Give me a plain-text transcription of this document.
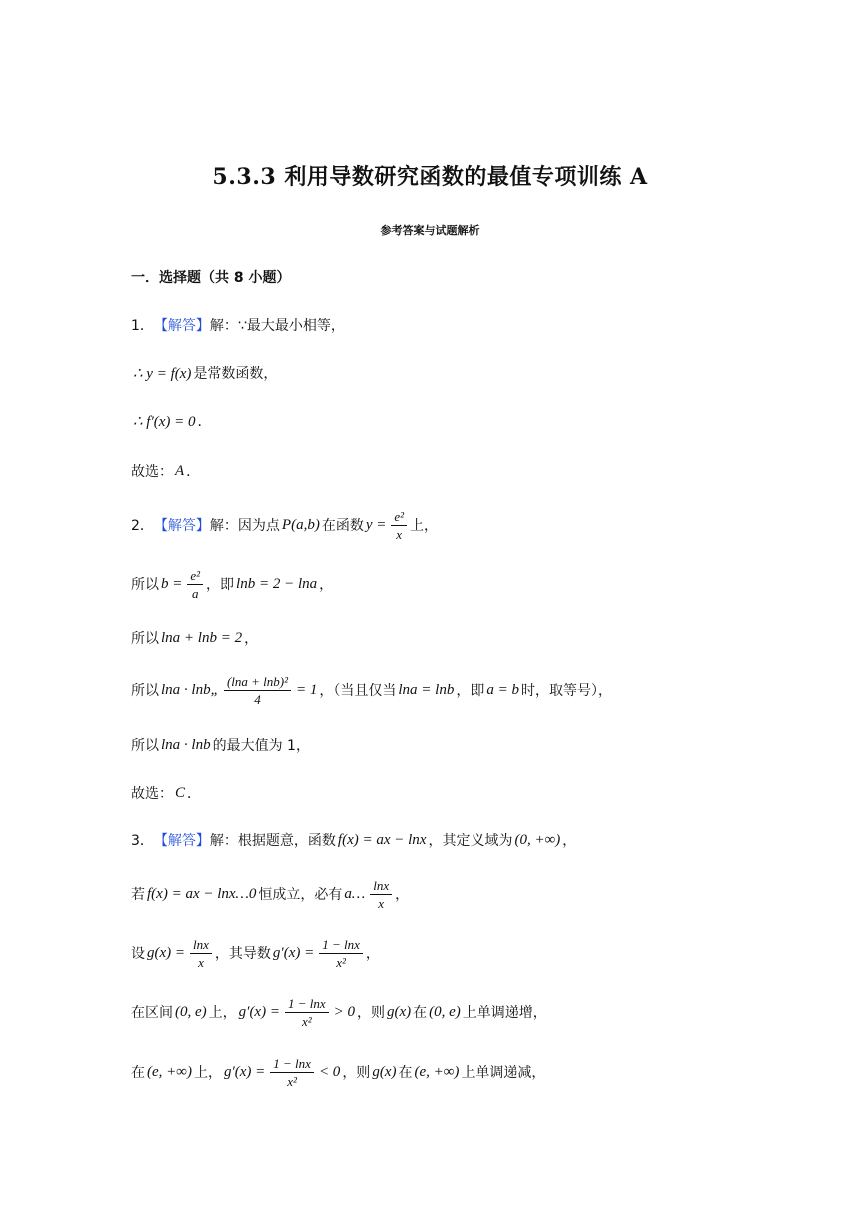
5.3.3 利用导数研究函数的最值专项训练 A
参考答案与试题解析
一．选择题（共 8 小题）
1． 【解答】 解： ∵最大最小相等，
∴ y = f(x) 是常数函数，
∴ f′(x) = 0 ．
故选： A ．
2． 【解答】 解：因为点 P(a,b) 在函数 $y = \frac{\text{e²}}{x}$ 上，
所以 $b = \frac{\text{e²}}{a}$ ，即 lnb = 2 − lna ，
所以 lna + lnb = 2 ，
所以 lna · lnb„ $\frac{\text{(lna + lnb)²}}{4} = 1$ ，（当且仅当 lna = lnb ，即 a = b 时，取等号），
所以 lna · lnb 的最大值为 1，
故选： C ．
3． 【解答】 解：根据题意，函数 f(x) = ax − lnx ，其定义域为 (0, +∞) ，
若 f(x) = ax − lnx…0 恒成立，必有 a… $\frac{\ln x}{x}$ ，
设 $g(x) = \frac{\ln x}{x}$ ，其导数 $g'(x) = \frac{1 - \ln x}{\text{x²}}$ ，
在区间 (0, e) 上， $g'(x) = \frac{1 - \ln x}{\text{x²}} > 0$ ，则 g(x) 在 (0, e) 上单调递增，
在 (e, +∞) 上， $g'(x) = \frac{1 - \ln x}{\text{x²}} < 0$ ，则 g(x) 在 (e, +∞) 上单调递减，
